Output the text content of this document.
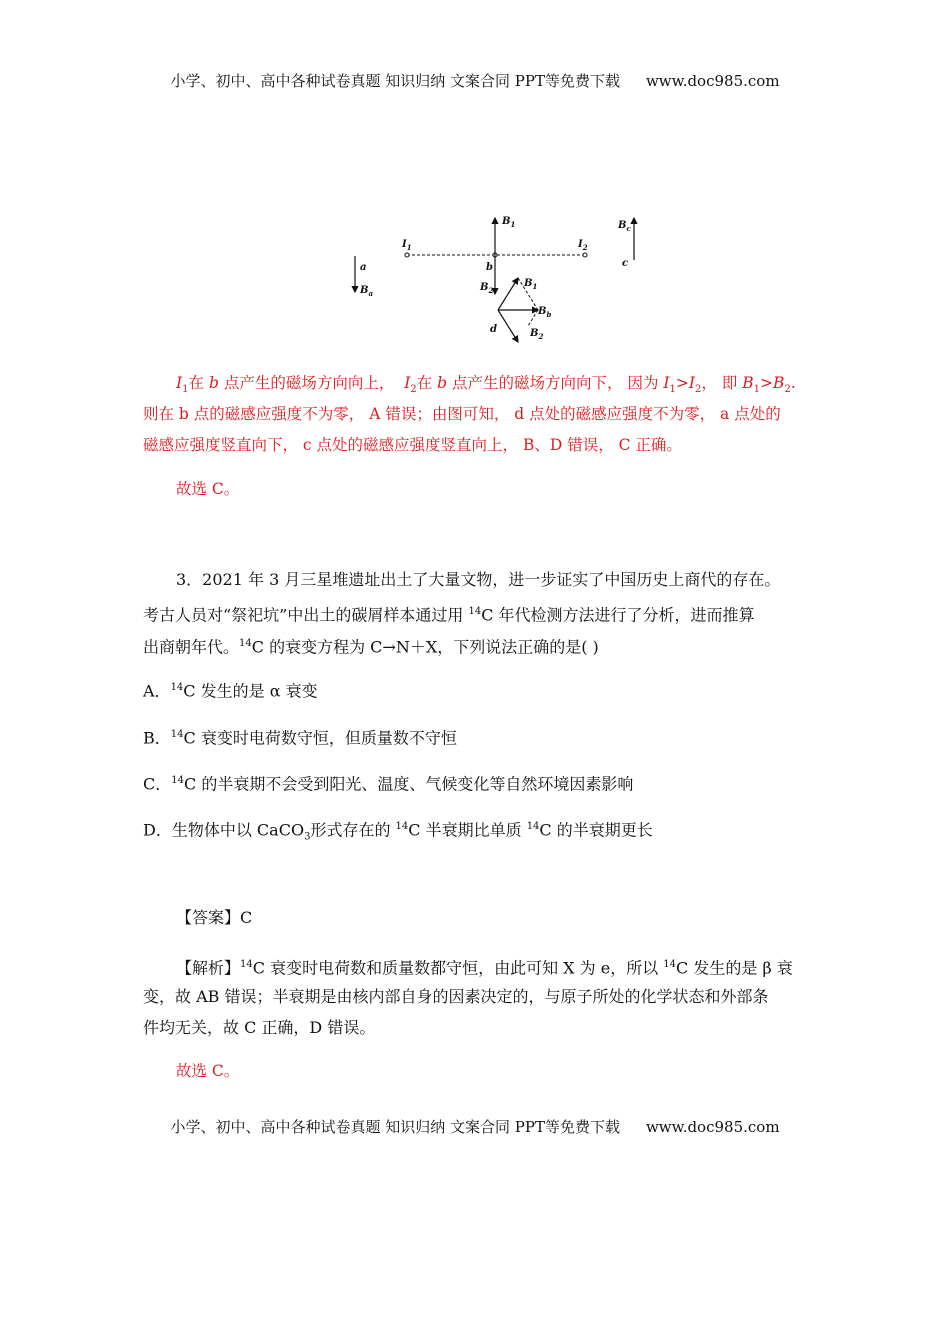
小学、初中、高中各种试卷真题 知识归纳 文案合同 PPT等免费下载 www.doc985.com
$I_1$	$I_2$
$B_1$
$B_2$
b
a
$B_a$
$B_c$
c
$B_1$
$B_b$
$B_2$
d
$I_1$在 b 点产生的磁场方向向上， $I_2$在 b 点产生的磁场方向向下， 因为 $I_1>I_2$， 即 $B_1>B_2$.
则在 b 点的磁感应强度不为零， A 错误；由图可知， d 点处的磁感应强度不为零， a 点处的
磁感应强度竖直向下， c 点处的磁感应强度竖直向上， B、D 错误， C 正确。
故选 C。
3．2021 年 3 月三星堆遗址出土了大量文物，进一步证实了中国历史上商代的存在。
考古人员对“祭祀坑”中出土的碳屑样本通过用 $^{14}$C 年代检测方法进行了分析，进而推算
出商朝年代。$^{14}$C 的衰变方程为 C→N＋X，下列说法正确的是( )
A．$^{14}$C 发生的是 α 衰变
B．$^{14}$C 衰变时电荷数守恒，但质量数不守恒
C．$^{14}$C 的半衰期不会受到阳光、温度、气候变化等自然环境因素影响
D．生物体中以 CaCO$_3$形式存在的 $^{14}$C 半衰期比单质 $^{14}$C 的半衰期更长
【答案】C
【解析】$^{14}$C 衰变时电荷数和质量数都守恒，由此可知 X 为 e，所以 $^{14}$C 发生的是 β 衰
变，故 AB 错误；半衰期是由核内部自身的因素决定的，与原子所处的化学状态和外部条
件均无关，故 C 正确，D 错误。
故选 C。
小学、初中、高中各种试卷真题 知识归纳 文案合同 PPT等免费下载 www.doc985.com
